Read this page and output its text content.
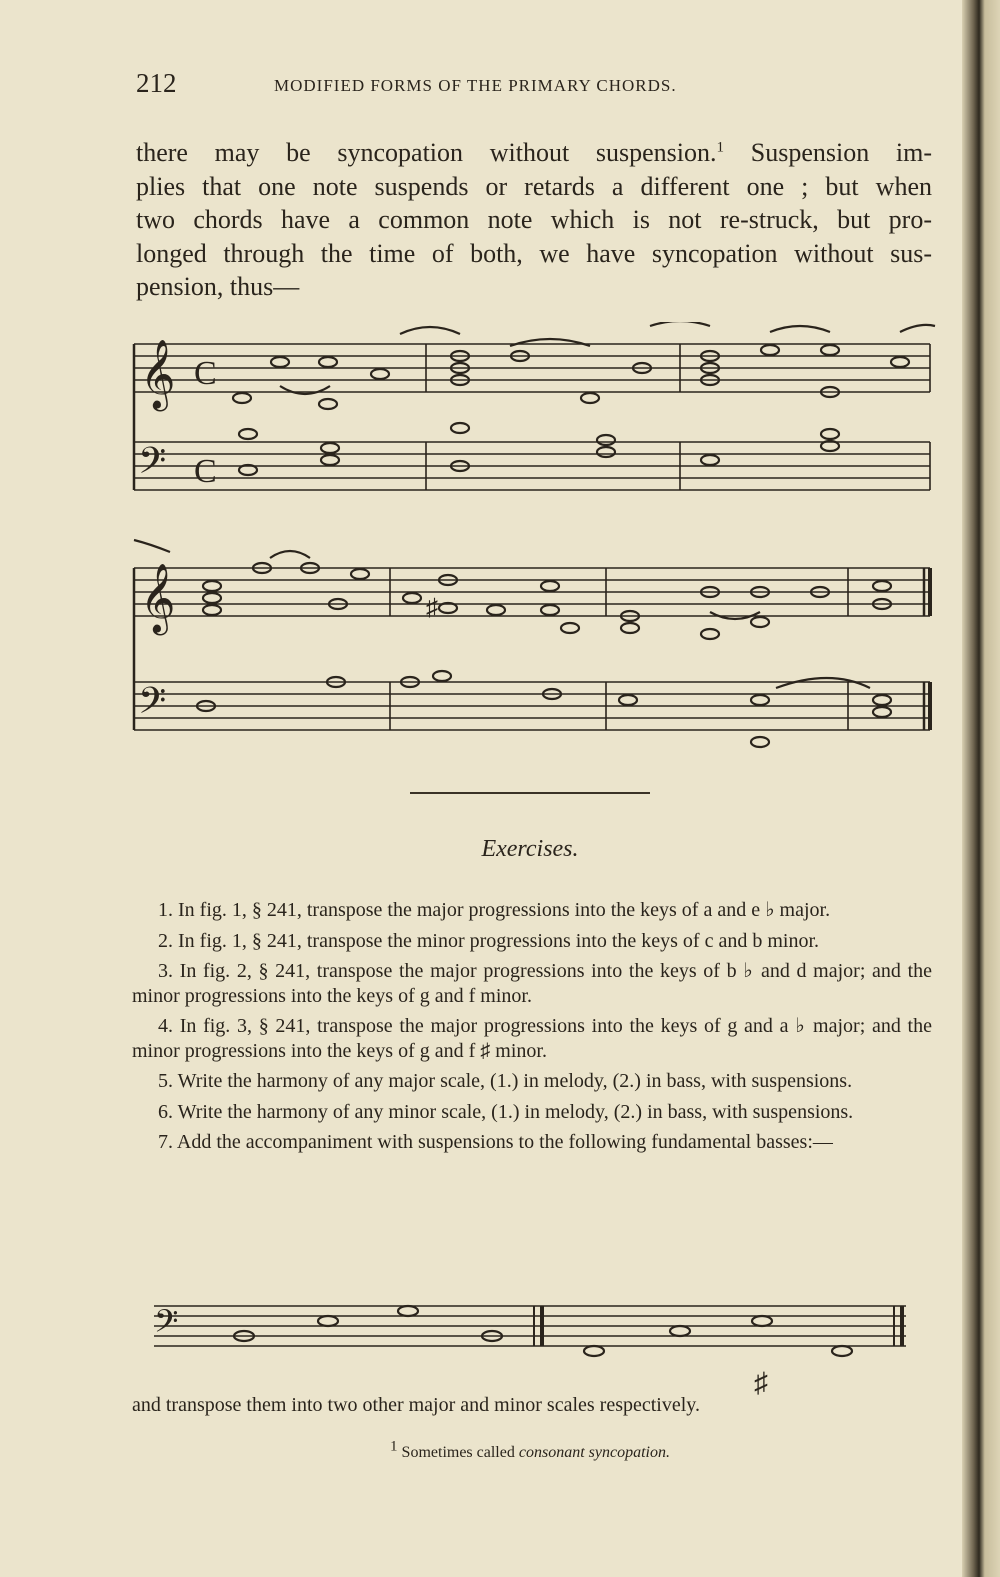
212	MODIFIED FORMS OF THE PRIMARY CHORDS.
there may be syncopation without suspension.$^1$ Suspension im-
plies that one note suspends or retards a different one ; but when
two chords have a common note which is not re-struck, but pro-
longed through the time of both, we have syncopation without sus-
pension, thus—
𝄞
𝄢
C
C
𝄞
𝄢
♯
Exercises.
1. In fig. 1, § 241, transpose the major progressions into the keys of a and e ♭ major.
2. In fig. 1, § 241, transpose the minor progressions into the keys of c and b minor.
3. In fig. 2, § 241, transpose the major progressions into the keys of b ♭ and d major; and the minor progressions into the keys of g and f minor.
4. In fig. 3, § 241, transpose the major progressions into the keys of g and a ♭ major; and the minor progressions into the keys of g and f ♯ minor.
5. Write the harmony of any major scale, (1.) in melody, (2.) in bass, with suspensions.
6. Write the harmony of any minor scale, (1.) in melody, (2.) in bass, with suspensions.
7. Add the accompaniment with suspensions to the following fundamental basses:—
𝄢
♯
and transpose them into two other major and minor scales respectively.
$^1$ Sometimes called consonant syncopation.
